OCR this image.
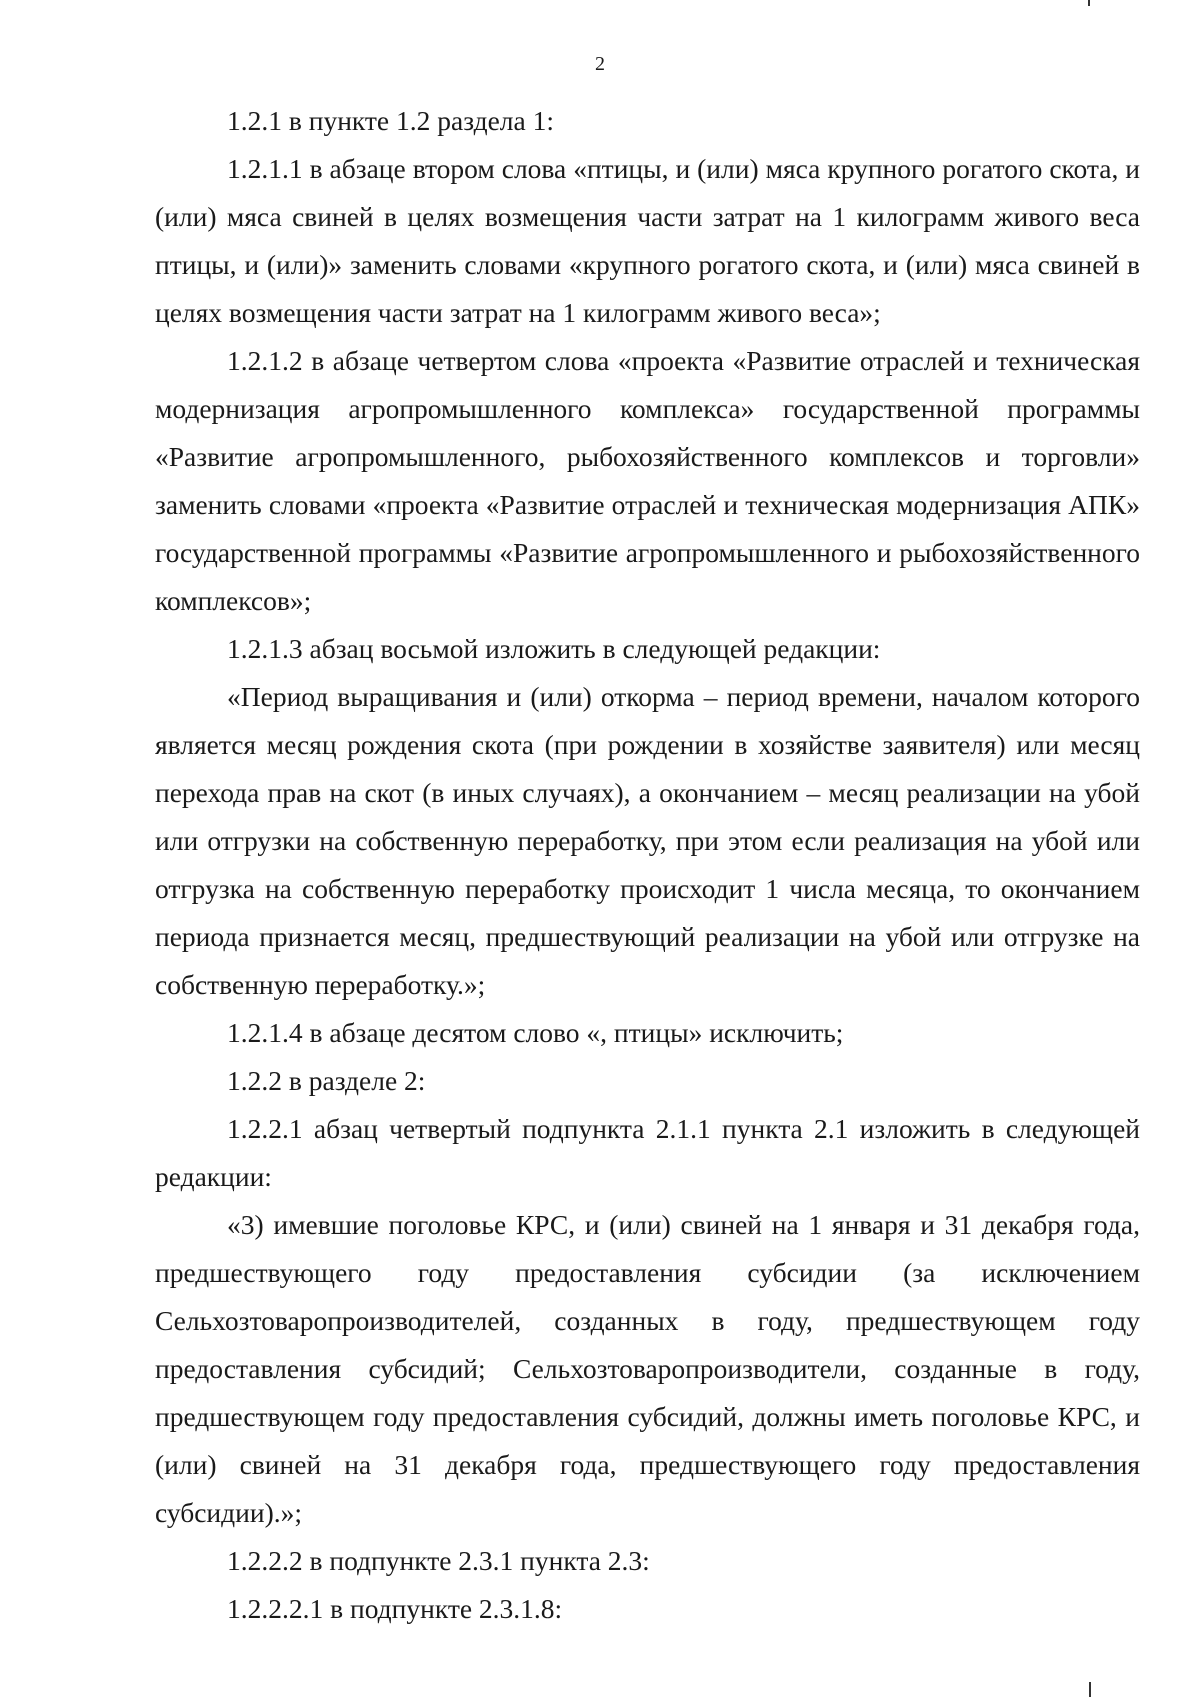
2

1.2.1 в пункте 1.2 раздела 1:

1.2.1.1 в абзаце втором слова «птицы, и (или) мяса крупного рогатого скота, и (или) мяса свиней в целях возмещения части затрат на 1 килограмм живого веса птицы, и (или)» заменить словами «крупного рогатого скота, и (или) мяса свиней в целях возмещения части затрат на 1 килограмм живого веса»;

1.2.1.2 в абзаце четвертом слова «проекта «Развитие отраслей и техническая модернизация агропромышленного комплекса» государственной программы «Развитие агропромышленного, рыбохозяйственного комплексов и торговли» заменить словами «проекта «Развитие отраслей и техническая модернизация АПК» государственной программы «Развитие агропромышленного и рыбохозяйственного комплексов»;

1.2.1.3 абзац восьмой изложить в следующей редакции:

«Период выращивания и (или) откорма – период времени, началом которого является месяц рождения скота (при рождении в хозяйстве заявителя) или месяц перехода прав на скот (в иных случаях), а окончанием – месяц реализации на убой или отгрузки на собственную переработку, при этом если реализация на убой или отгрузка на собственную переработку происходит 1 числа месяца, то окончанием периода признается месяц, предшествующий реализации на убой или отгрузке на собственную переработку.»;

1.2.1.4 в абзаце десятом слово «, птицы» исключить;

1.2.2 в разделе 2:

1.2.2.1 абзац четвертый подпункта 2.1.1 пункта 2.1 изложить в следующей редакции:

«3) имевшие поголовье КРС, и (или) свиней на 1 января и 31 декабря года, предшествующего году предоставления субсидии (за исключением Сельхозтоваропроизводителей, созданных в году, предшествующем году предоставления субсидий; Сельхозтоваропроизводители, созданные в году, предшествующем году предоставления субсидий, должны иметь поголовье КРС, и (или) свиней на 31 декабря года, предшествующего году предоставления субсидии).»;

1.2.2.2 в подпункте 2.3.1 пункта 2.3:

1.2.2.2.1 в подпункте 2.3.1.8:
